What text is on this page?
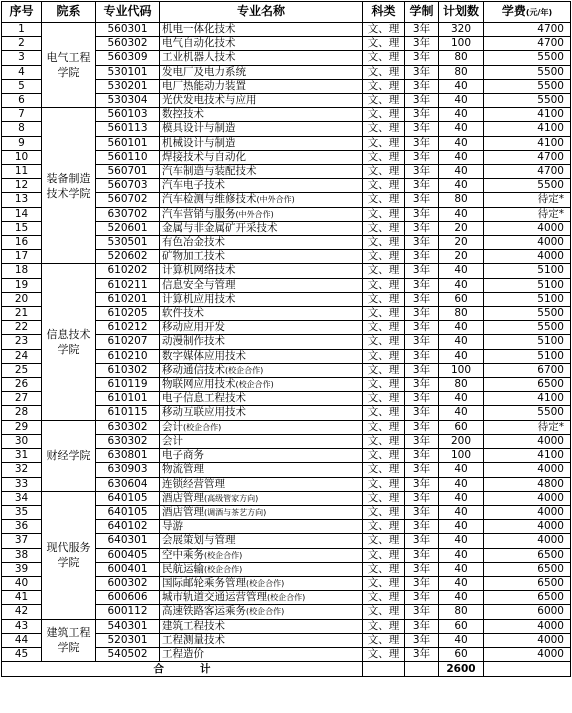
序号	院系	专业代码	专业名称	科类	学制	计划数	学费(元/年)
1	电气工程学院	560301	机电一体化技术	文、理	3年	320	4700
2		560302	电气自动化技术	文、理	3年	100	4700
3		560309	工业机器人技术	文、理	3年	80	5500
4		530101	发电厂及电力系统	文、理	3年	80	5500
5		530201	电厂热能动力装置	文、理	3年	40	5500
6		530304	光伏发电技术与应用	文、理	3年	40	5500
7	装备制造技术学院	560103	数控技术	文、理	3年	40	4100
8		560113	模具设计与制造	文、理	3年	40	4100
9		560101	机械设计与制造	文、理	3年	40	4100
10		560110	焊接技术与自动化	文、理	3年	40	4700
11		560701	汽车制造与装配技术	文、理	3年	40	4700
12		560703	汽车电子技术	文、理	3年	40	5500
13		560702	汽车检测与维修技术(中外合作)	文、理	3年	80	待定*
14		630702	汽车营销与服务(中外合作)	文、理	3年	40	待定*
15		520601	金属与非金属矿开采技术	文、理	3年	20	4000
16		530501	有色冶金技术	文、理	3年	20	4000
17		520602	矿物加工技术	文、理	3年	20	4000
18	信息技术学院	610202	计算机网络技术	文、理	3年	40	5100
19		610211	信息安全与管理	文、理	3年	40	5100
20		610201	计算机应用技术	文、理	3年	60	5100
21		610205	软件技术	文、理	3年	80	5500
22		610212	移动应用开发	文、理	3年	40	5500
23		610207	动漫制作技术	文、理	3年	40	5100
24		610210	数字媒体应用技术	文、理	3年	40	5100
25		610302	移动通信技术(校企合作)	文、理	3年	100	6700
26		610119	物联网应用技术(校企合作)	文、理	3年	80	6500
27		610101	电子信息工程技术	文、理	3年	40	4100
28		610115	移动互联应用技术	文、理	3年	40	5500
29	财经学院	630302	会计(校企合作)	文、理	3年	60	待定*
30		630302	会计	文、理	3年	200	4000
31		630801	电子商务	文、理	3年	100	4100
32		630903	物流管理	文、理	3年	40	4000
33		630604	连锁经营管理	文、理	3年	40	4800
34	现代服务学院	640105	酒店管理(高级管家方向)	文、理	3年	40	4000
35		640105	酒店管理(调酒与茶艺方向)	文、理	3年	40	4000
36		640102	导游	文、理	3年	40	4000
37		640301	会展策划与管理	文、理	3年	40	4000
38		600405	空中乘务(校企合作)	文、理	3年	40	6500
39		600401	民航运输(校企合作)	文、理	3年	40	6500
40		600302	国际邮轮乘务管理(校企合作)	文、理	3年	40	6500
41		600606	城市轨道交通运营管理(校企合作)	文、理	3年	40	6500
42		600112	高速铁路客运乘务(校企合作)	文、理	3年	80	6000
43	建筑工程学院	540301	建筑工程技术	文、理	3年	60	4000
44		520301	工程测量技术	文、理	3年	40	4000
45		540502	工程造价	文、理	3年	60	4000
合 计						2600	
